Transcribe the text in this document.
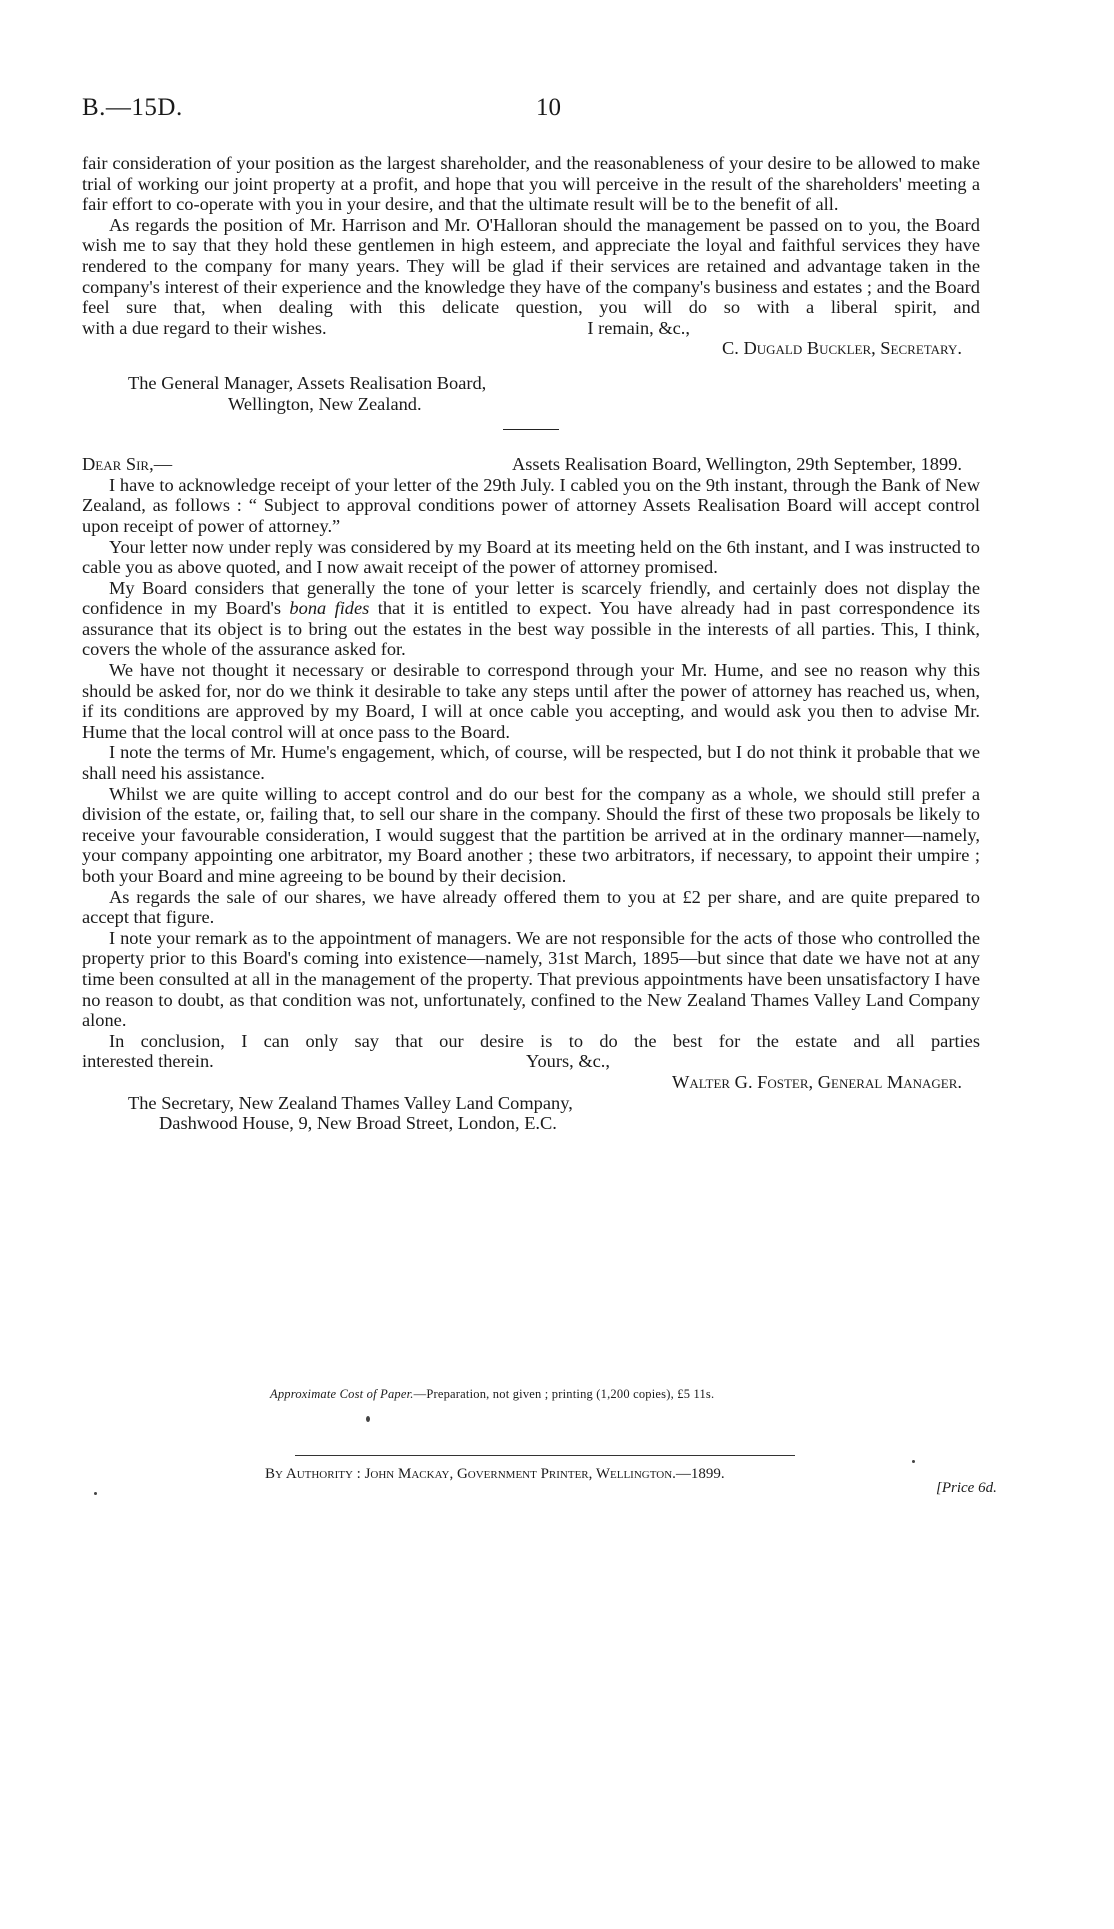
B.—15D.	10

fair consideration of your position as the largest shareholder, and the reasonableness of your desire to be allowed to make trial of working our joint property at a profit, and hope that you will perceive in the result of the shareholders' meeting a fair effort to co-operate with you in your desire, and that the ultimate result will be to the benefit of all.

As regards the position of Mr. Harrison and Mr. O'Halloran should the management be passed on to you, the Board wish me to say that they hold these gentlemen in high esteem, and appreciate the loyal and faithful services they have rendered to the company for many years. They will be glad if their services are retained and advantage taken in the company's interest of their experience and the knowledge they have of the company's business and estates ; and the Board feel sure that, when dealing with this delicate question, you will do so with a liberal spirit, and

with a due regard to their wishes.	I remain, &c.,

C. Dugald Buckler, Secretary.

The General Manager, Assets Realisation Board,

Wellington, New Zealand.

Dear Sir,—	Assets Realisation Board, Wellington, 29th September, 1899.

I have to acknowledge receipt of your letter of the 29th July. I cabled you on the 9th instant, through the Bank of New Zealand, as follows : “ Subject to approval conditions power of attorney Assets Realisation Board will accept control upon receipt of power of attorney.”

Your letter now under reply was considered by my Board at its meeting held on the 6th instant, and I was instructed to cable you as above quoted, and I now await receipt of the power of attorney promised.

My Board considers that generally the tone of your letter is scarcely friendly, and certainly does not display the confidence in my Board's bona fides that it is entitled to expect. You have already had in past correspondence its assurance that its object is to bring out the estates in the best way possible in the interests of all parties. This, I think, covers the whole of the assurance asked for.

We have not thought it necessary or desirable to correspond through your Mr. Hume, and see no reason why this should be asked for, nor do we think it desirable to take any steps until after the power of attorney has reached us, when, if its conditions are approved by my Board, I will at once cable you accepting, and would ask you then to advise Mr. Hume that the local control will at once pass to the Board.

I note the terms of Mr. Hume's engagement, which, of course, will be respected, but I do not think it probable that we shall need his assistance.

Whilst we are quite willing to accept control and do our best for the company as a whole, we should still prefer a division of the estate, or, failing that, to sell our share in the company. Should the first of these two proposals be likely to receive your favourable consideration, I would suggest that the partition be arrived at in the ordinary manner—namely, your company appointing one arbitrator, my Board another ; these two arbitrators, if necessary, to appoint their umpire ; both your Board and mine agreeing to be bound by their decision.

As regards the sale of our shares, we have already offered them to you at £2 per share, and are quite prepared to accept that figure.

I note your remark as to the appointment of managers. We are not responsible for the acts of those who controlled the property prior to this Board's coming into existence—namely, 31st March, 1895—but since that date we have not at any time been consulted at all in the management of the property. That previous appointments have been unsatisfactory I have no reason to doubt, as that condition was not, unfortunately, confined to the New Zealand Thames Valley Land Company alone.

In conclusion, I can only say that our desire is to do the best for the estate and all parties

interested therein.	Yours, &c.,

Walter G. Foster, General Manager.

The Secretary, New Zealand Thames Valley Land Company,

Dashwood House, 9, New Broad Street, London, E.C.

Approximate Cost of Paper.—Preparation, not given ; printing (1,200 copies), £5 11s.
By Authority : John Mackay, Government Printer, Wellington.—1899.
[Price 6d.
